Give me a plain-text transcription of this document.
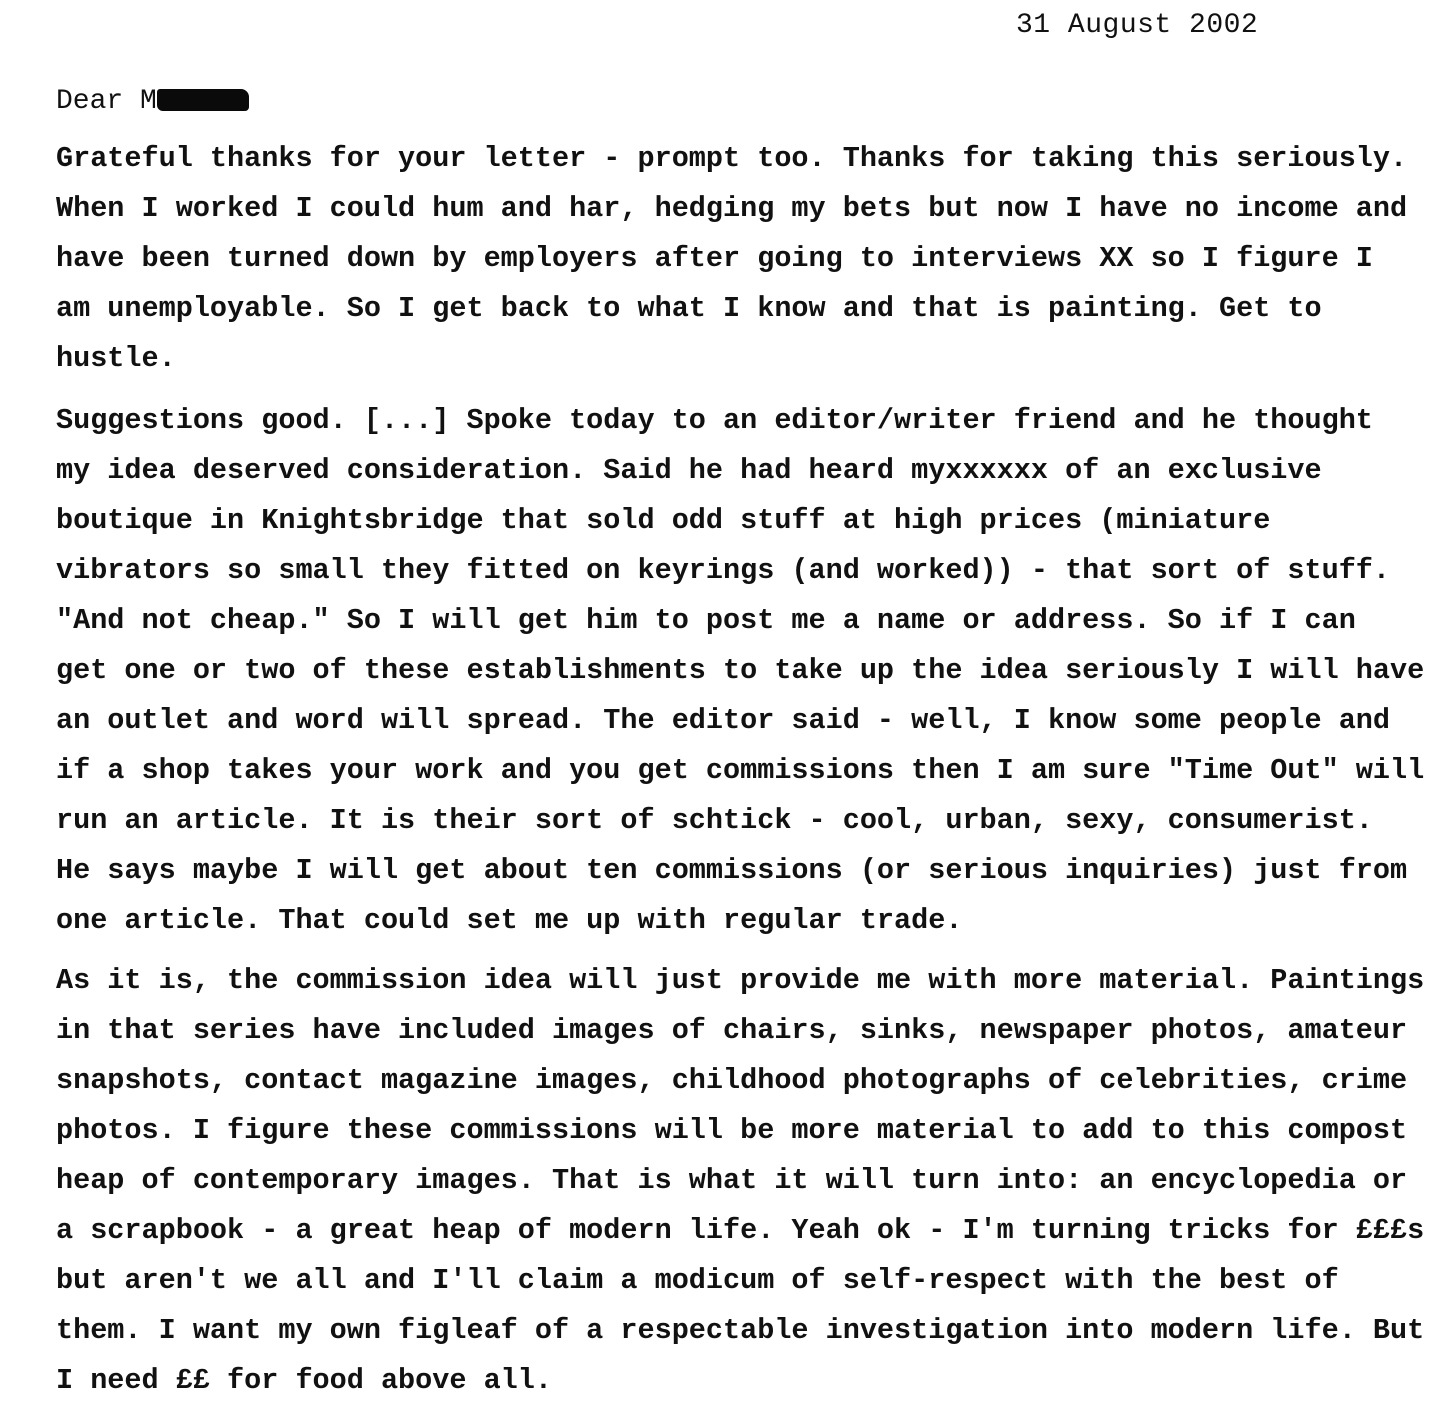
31 August 2002
Dear M
Grateful thanks for your letter - prompt too. Thanks for taking this seriously.
When I worked I could hum and har, hedging my bets but now I have no income and
have been turned down by employers after going to interviews XX so I figure I
am unemployable. So I get back to what I know and that is painting. Get to
hustle.
Suggestions good. [...] Spoke today to an editor/writer friend and he thought
my idea deserved consideration. Said he had heard myxxxxxx of an exclusive
boutique in Knightsbridge that sold odd stuff at high prices (miniature
vibrators so small they fitted on keyrings (and worked)) - that sort of stuff.
"And not cheap." So I will get him to post me a name or address. So if I can
get one or two of these establishments to take up the idea seriously I will have
an outlet and word will spread. The editor said - well, I know some people and
if a shop takes your work and you get commissions then I am sure "Time Out" will
run an article. It is their sort of schtick - cool, urban, sexy, consumerist.
He says maybe I will get about ten commissions (or serious inquiries) just from
one article. That could set me up with regular trade.
As it is, the commission idea will just provide me with more material. Paintings
in that series have included images of chairs, sinks, newspaper photos, amateur
snapshots, contact magazine images, childhood photographs of celebrities, crime
photos. I figure these commissions will be more material to add to this compost
heap of contemporary images. That is what it will turn into: an encyclopedia or
a scrapbook - a great heap of modern life. Yeah ok - I'm turning tricks for £££s
but aren't we all and I'll claim a modicum of self-respect with the best of
them. I want my own figleaf of a respectable investigation into modern life. But
I need ££ for food above all.
